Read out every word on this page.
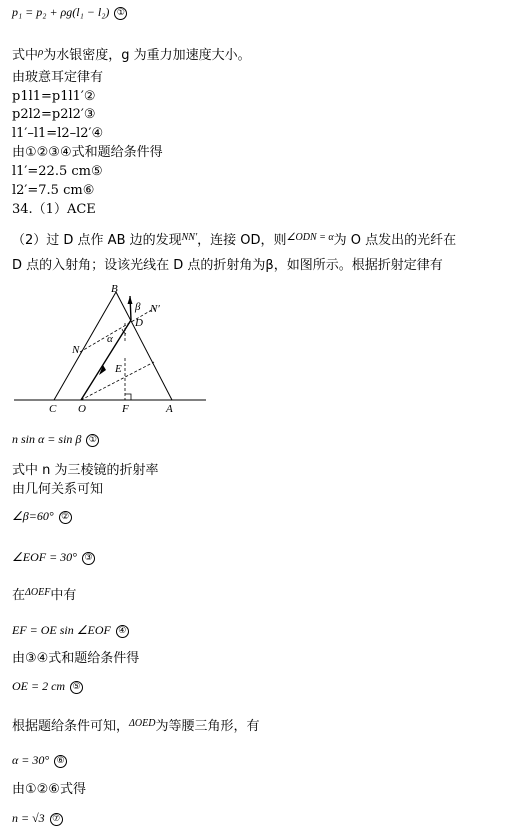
p₁ = p₂ + ρg(l₁ − l₂) ①
式中$^\rho$为水银密度，g 为重力加速度大小。
由玻意耳定律有
p1l1=p1l1′②
p2l2=p2l2′③
l1′–l1=l2–l2′④
由①②③④式和题给条件得
l1′=22.5 cm⑤
l2′=7.5 cm⑥
34.（1）ACE
（2）过 D 点作 AB 边的发现$^{NN'}$，连接 OD，则$^{\angle ODN = \alpha}$为 O 点发出的光纤在
D 点的入射角；设该光线在 D 点的折射角为β，如图所示。根据折射定律有
B
D
N
N′
β
α
E
C O	F	A
n sin α = sin β ①
式中 n 为三棱镜的折射率
由几何关系可知
∠β=60° ②
∠EOF = 30° ③
在$^{\Delta OEF}$中有
EF = OE sin ∠EOF ④
由③④式和题给条件得
OE = 2 cm ⑤
根据题给条件可知，$^{\Delta OED}$为等腰三角形，有
α = 30° ⑥
由①②⑥式得
n = √3 ⑦
